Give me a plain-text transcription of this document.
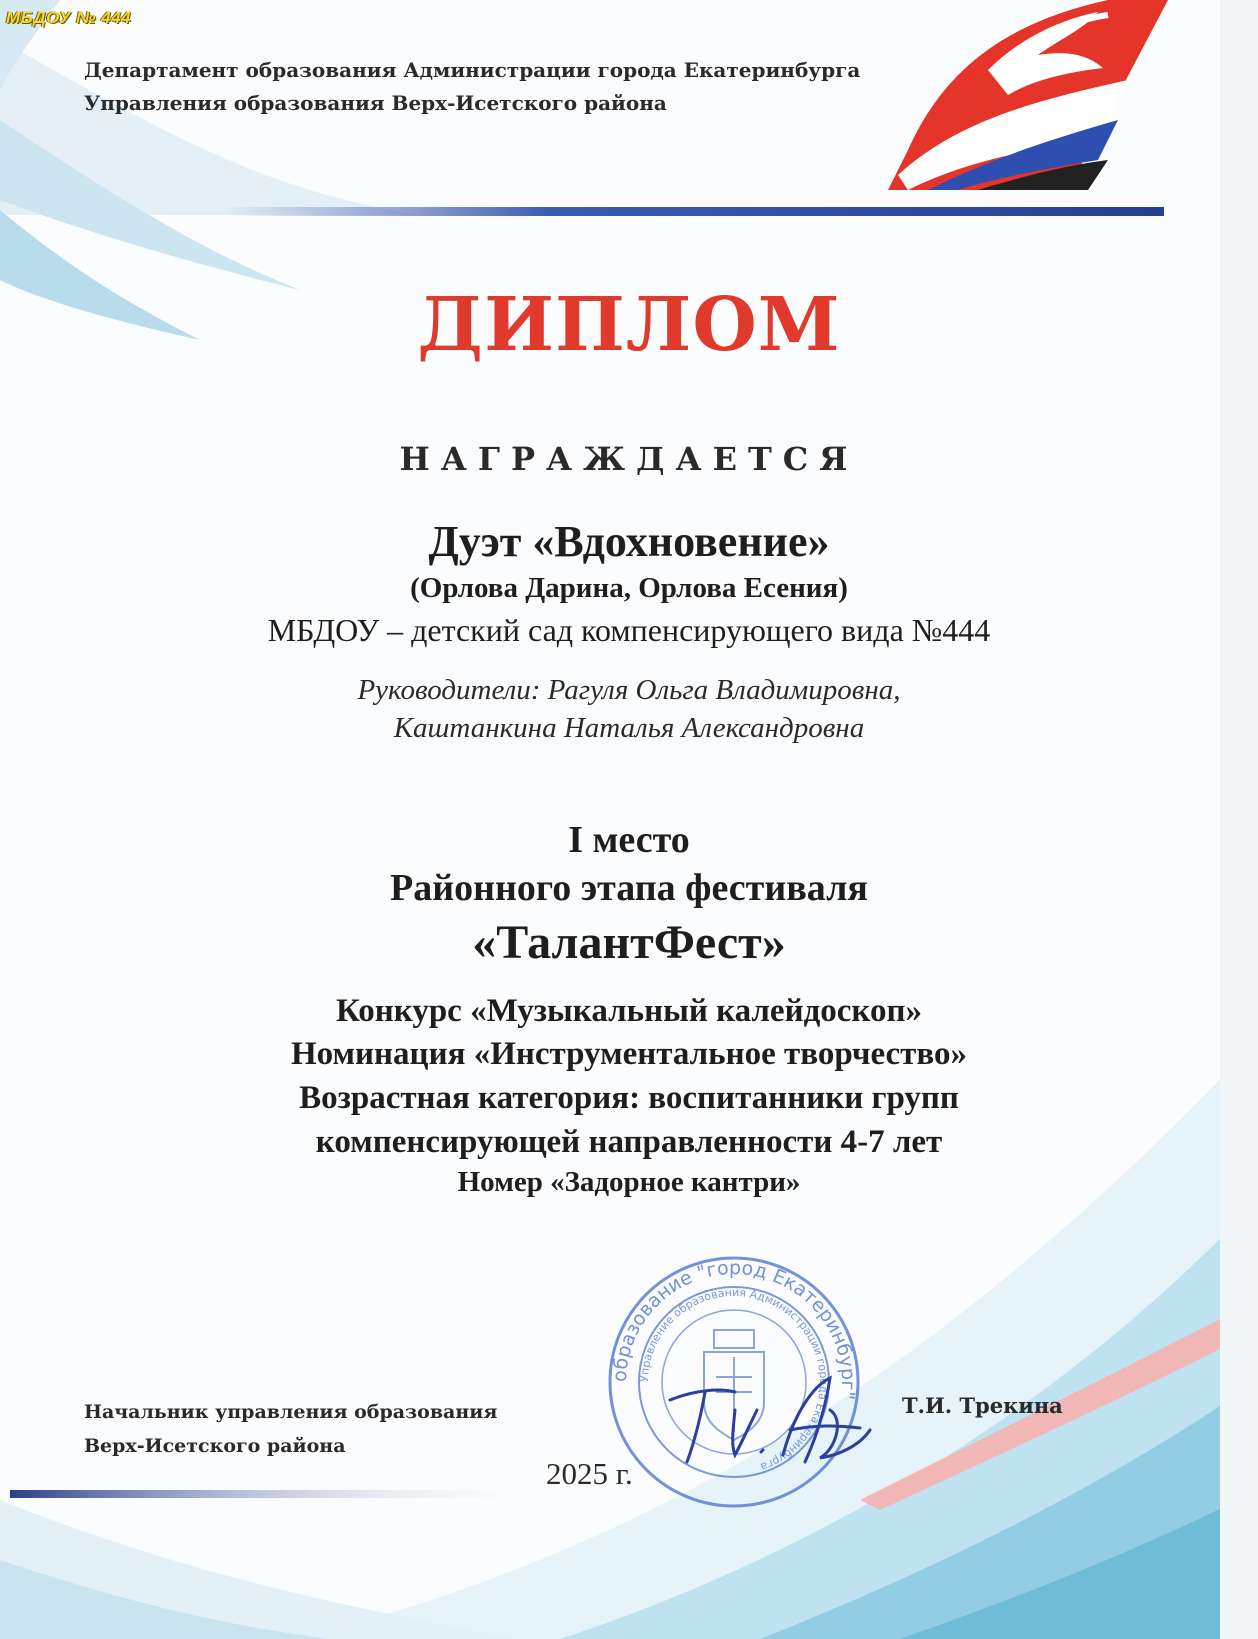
МБДОУ № 444
Департамент образования Администрации города Екатеринбурга
Управления образования Верх-Исетского района
ДИПЛОМ
НАГРАЖДАЕТСЯ
Дуэт «Вдохновение»
(Орлова Дарина, Орлова Есения)
МБДОУ – детский сад компенсирующего вида №444
Руководители: Рагуля Ольга Владимировна,
Каштанкина Наталья Александровна
I место
Районного этапа фестиваля
«ТалантФест»
Конкурс «Музыкальный калейдоскоп»
Номинация «Инструментальное творчество»
Возрастная категория: воспитанники групп
компенсирующей направленности 4-7 лет
Номер «Задорное кантри»
образование "город Екатеринбург"
Управление образования Администрации города Екатеринбурга
Начальник управления образования
Верх-Исетского района
Т.И. Трекина
2025 г.
